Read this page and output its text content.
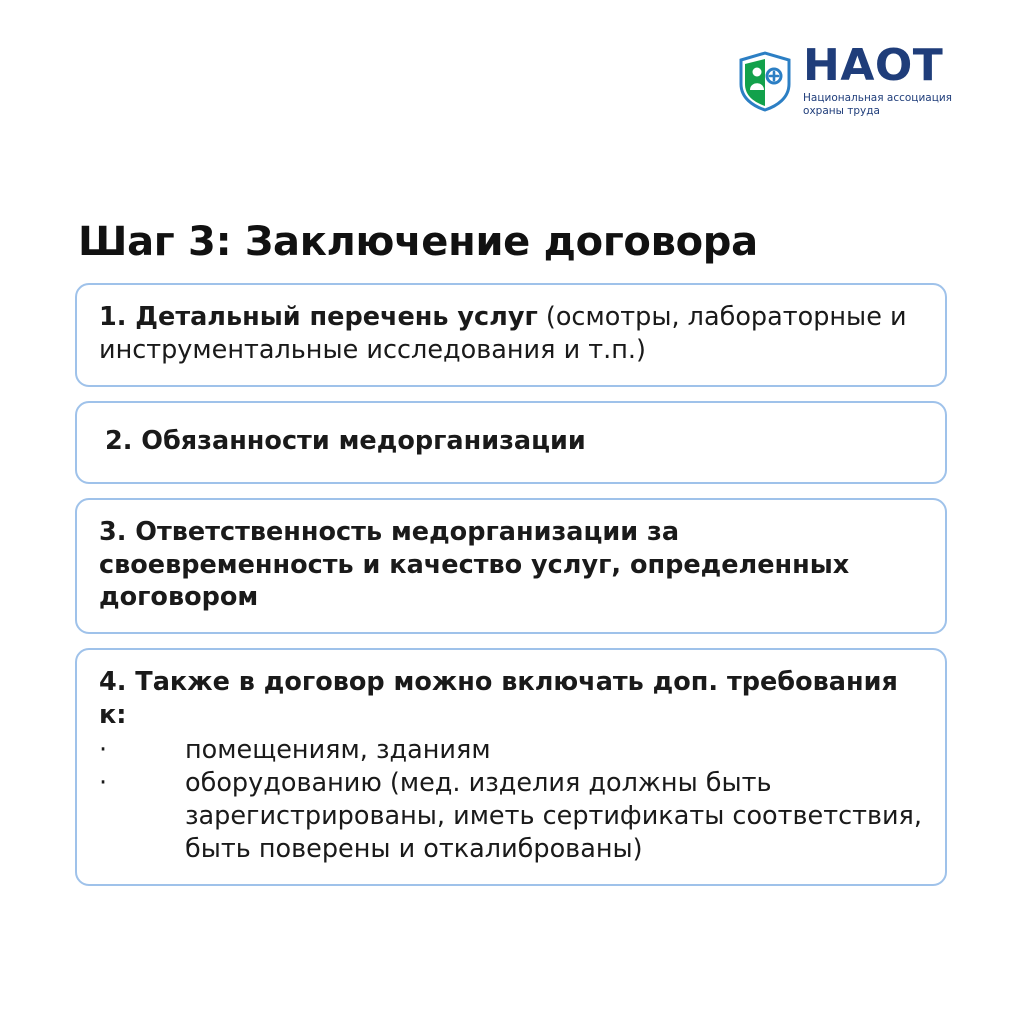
НАОТ
Национальная ассоциация
охраны труда
Шаг 3: Заключение договора

1. Детальный перечень услуг (осмотры, лабораторные и инструментальные исследования и т.п.)

2. Обязанности медорганизации

3. Ответственность медорганизации за своевременность и качество услуг, определенных договором

4. Также в договор можно включать доп. требования к:

·	помещениям, зданиям
·	оборудованию (мед. изделия должны быть зарегистрированы, иметь сертификаты соответствия, быть поверены и откалиброваны)
